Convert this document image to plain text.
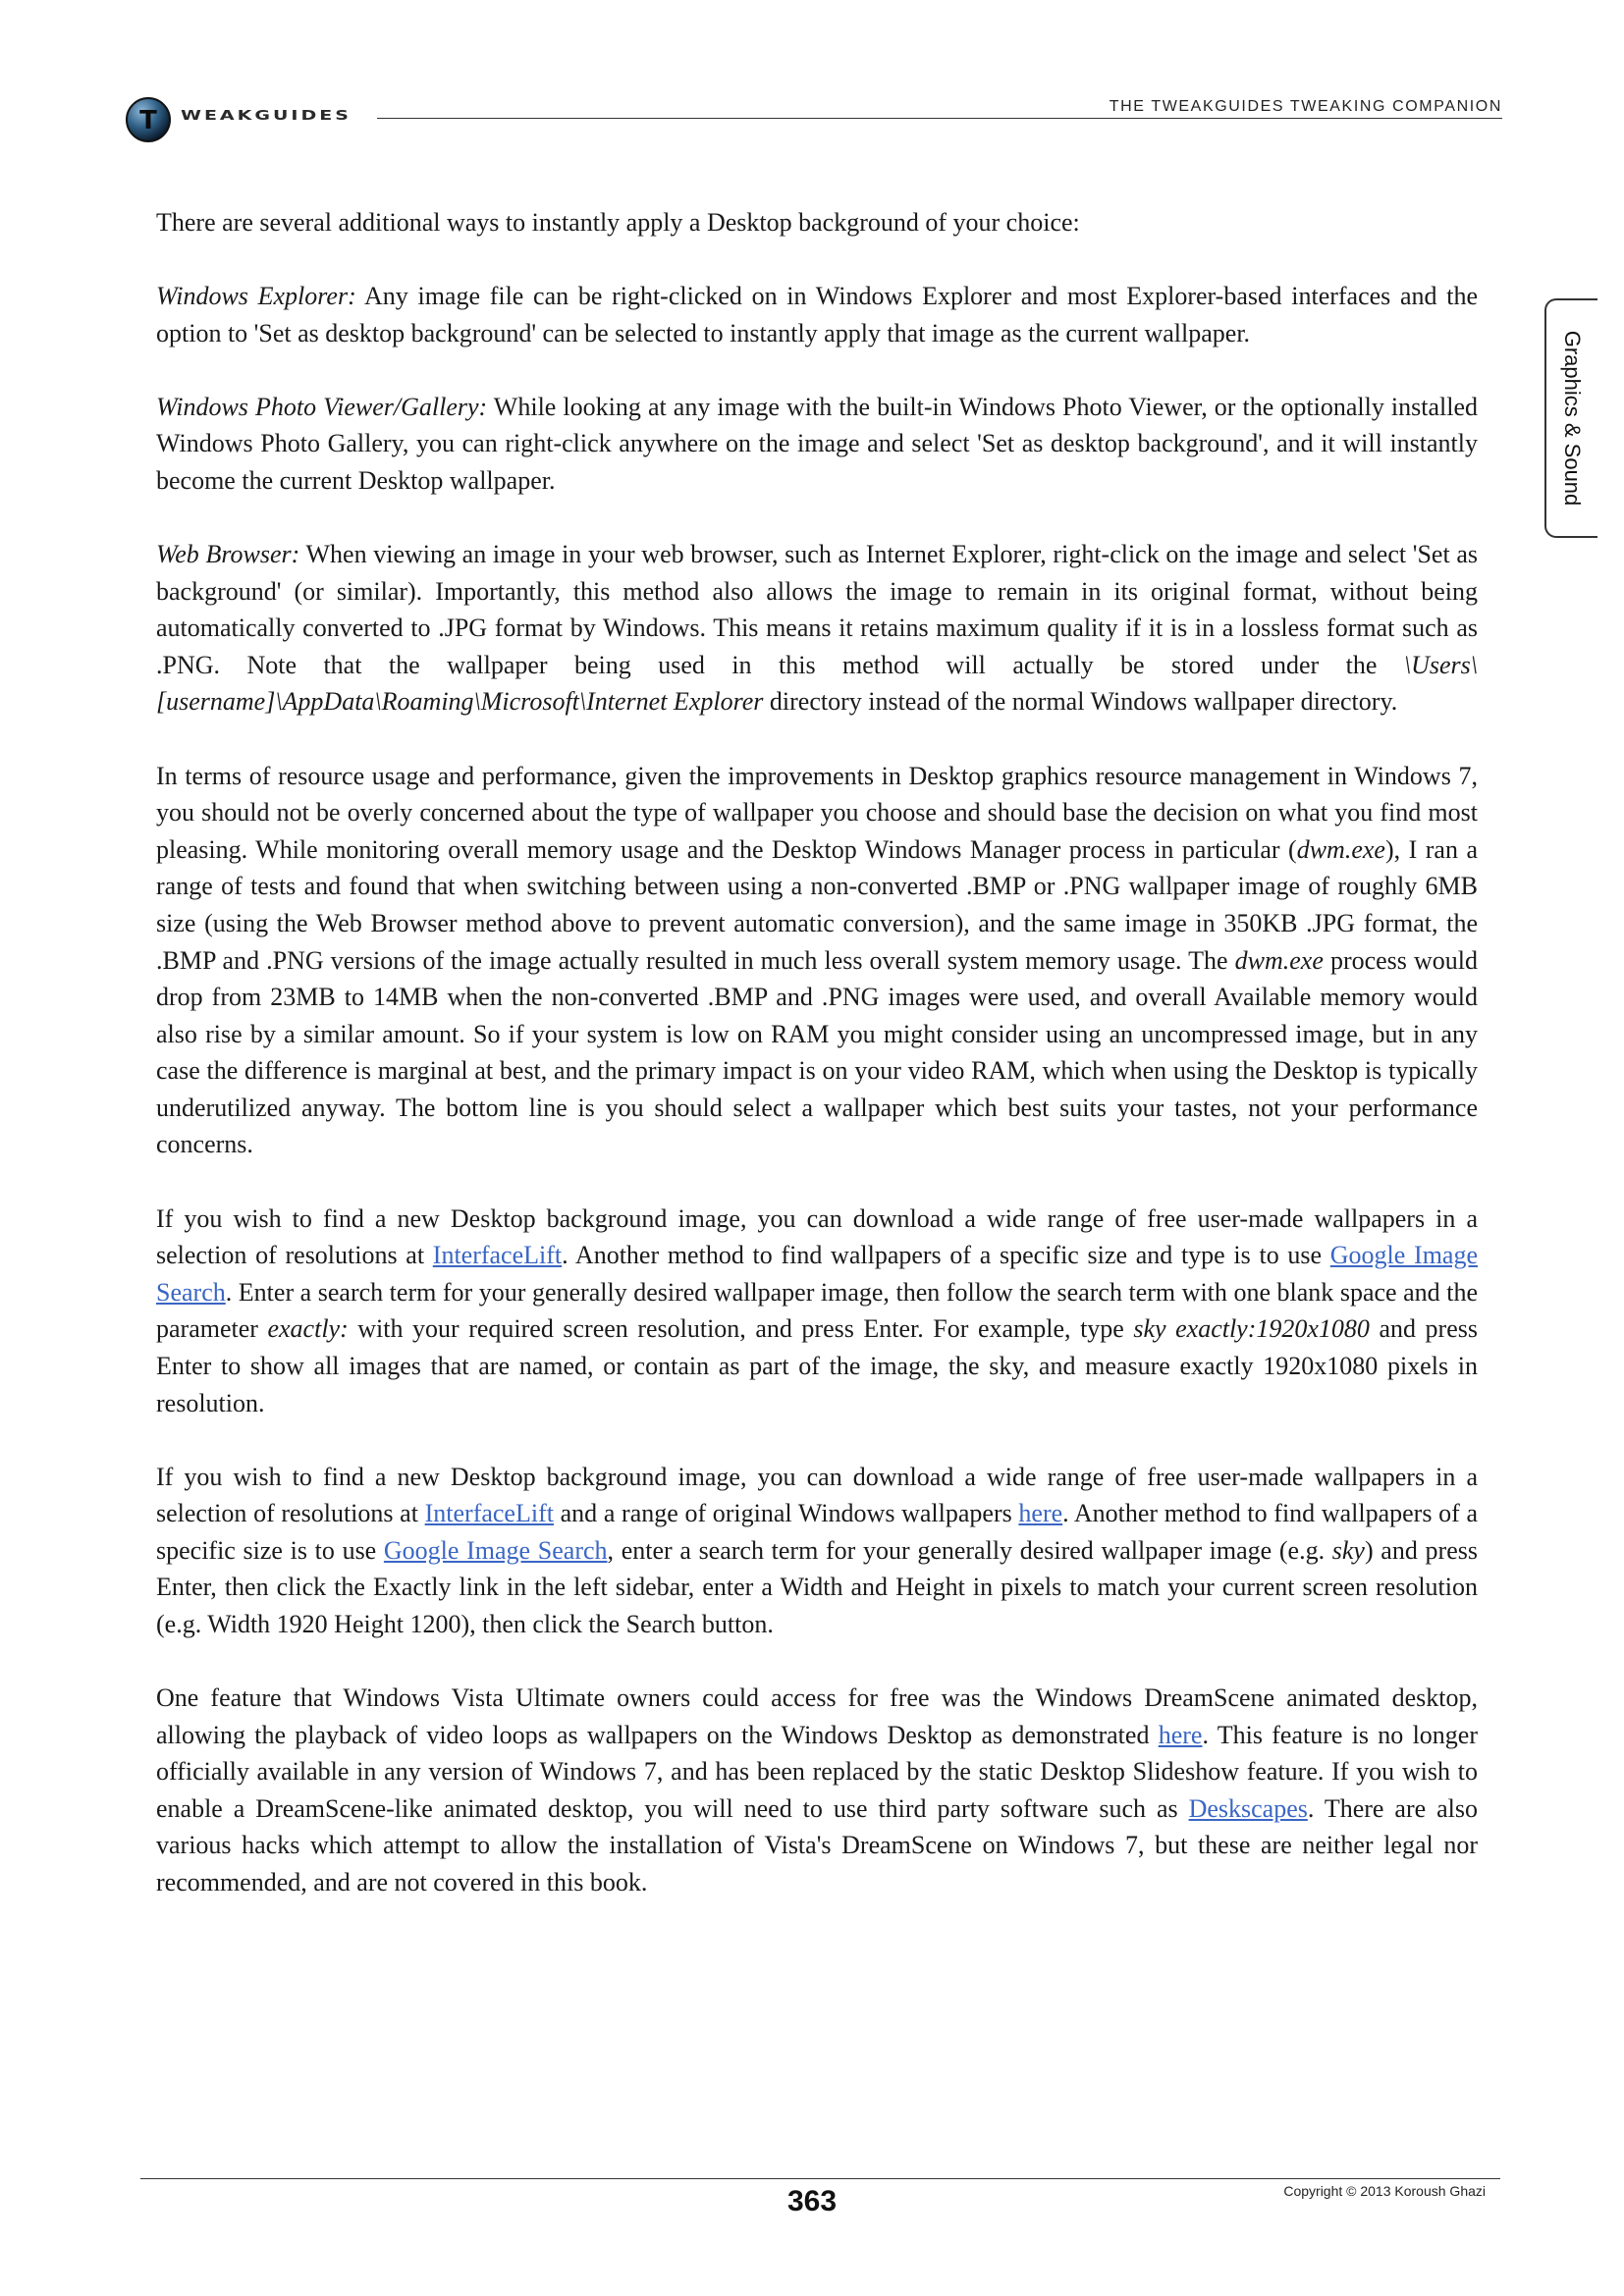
T WEAKGUIDES
THE TWEAKGUIDES TWEAKING COMPANION
Graphics & Sound

There are several additional ways to instantly apply a Desktop background of your choice:

Windows Explorer: Any image file can be right-clicked on in Windows Explorer and most Explorer-based interfaces and the option to 'Set as desktop background' can be selected to instantly apply that image as the current wallpaper.

Windows Photo Viewer/Gallery: While looking at any image with the built-in Windows Photo Viewer, or the optionally installed Windows Photo Gallery, you can right-click anywhere on the image and select 'Set as desktop background', and it will instantly become the current Desktop wallpaper.

Web Browser: When viewing an image in your web browser, such as Internet Explorer, right-click on the image and select 'Set as background' (or similar). Importantly, this method also allows the image to remain in its original format, without being automatically converted to .JPG format by Windows. This means it retains maximum quality if it is in a lossless format such as .PNG. Note that the wallpaper being used in this method will actually be stored under the \Users\[username]\AppData\Roaming\Microsoft\Internet Explorer directory instead of the normal Windows wallpaper directory.

In terms of resource usage and performance, given the improvements in Desktop graphics resource management in Windows 7, you should not be overly concerned about the type of wallpaper you choose and should base the decision on what you find most pleasing. While monitoring overall memory usage and the Desktop Windows Manager process in particular (dwm.exe), I ran a range of tests and found that when switching between using a non-converted .BMP or .PNG wallpaper image of roughly 6MB size (using the Web Browser method above to prevent automatic conversion), and the same image in 350KB .JPG format, the .BMP and .PNG versions of the image actually resulted in much less overall system memory usage. The dwm.exe process would drop from 23MB to 14MB when the non-converted .BMP and .PNG images were used, and overall Available memory would also rise by a similar amount. So if your system is low on RAM you might consider using an uncompressed image, but in any case the difference is marginal at best, and the primary impact is on your video RAM, which when using the Desktop is typically underutilized anyway. The bottom line is you should select a wallpaper which best suits your tastes, not your performance concerns.

If you wish to find a new Desktop background image, you can download a wide range of free user-made wallpapers in a selection of resolutions at InterfaceLift. Another method to find wallpapers of a specific size and type is to use Google Image Search. Enter a search term for your generally desired wallpaper image, then follow the search term with one blank space and the parameter exactly: with your required screen resolution, and press Enter. For example, type sky exactly:1920x1080 and press Enter to show all images that are named, or contain as part of the image, the sky, and measure exactly 1920x1080 pixels in resolution.

If you wish to find a new Desktop background image, you can download a wide range of free user-made wallpapers in a selection of resolutions at InterfaceLift and a range of original Windows wallpapers here. Another method to find wallpapers of a specific size is to use Google Image Search, enter a search term for your generally desired wallpaper image (e.g. sky) and press Enter, then click the Exactly link in the left sidebar, enter a Width and Height in pixels to match your current screen resolution (e.g. Width 1920 Height 1200), then click the Search button.

One feature that Windows Vista Ultimate owners could access for free was the Windows DreamScene animated desktop, allowing the playback of video loops as wallpapers on the Windows Desktop as demonstrated here. This feature is no longer officially available in any version of Windows 7, and has been replaced by the static Desktop Slideshow feature. If you wish to enable a DreamScene-like animated desktop, you will need to use third party software such as Deskscapes. There are also various hacks which attempt to allow the installation of Vista's DreamScene on Windows 7, but these are neither legal nor recommended, and are not covered in this book.

363	Copyright © 2013 Koroush Ghazi
